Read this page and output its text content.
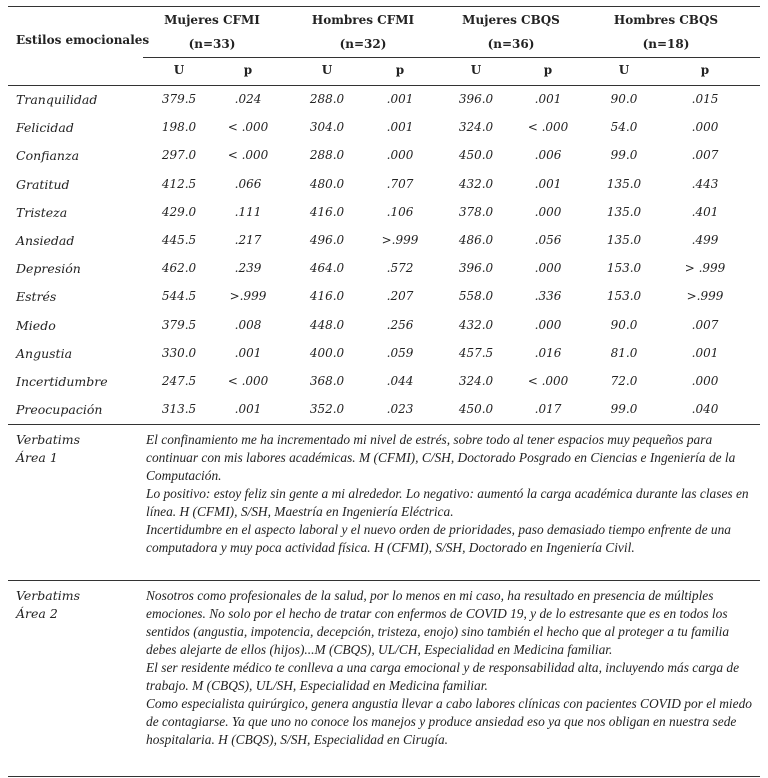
Estilos emocionales
Mujeres CFMI
(n=33)
Hombres CFMI
(n=32)
Mujeres CBQS
(n=36)
Hombres CBQS
(n=18)
U	p	U	p	U	p	U	p
Tranquilidad	379.5	.024	288.0	.001	396.0	.001	90.0	.015
Felicidad	198.0	< .000	304.0	.001	324.0	< .000	54.0	.000
Confianza	297.0	< .000	288.0	.000	450.0	.006	99.0	.007
Gratitud	412.5	.066	480.0	.707	432.0	.001	135.0	.443
Tristeza	429.0	.111	416.0	.106	378.0	.000	135.0	.401
Ansiedad	445.5	.217	496.0	>.999	486.0	.056	135.0	.499
Depresión	462.0	.239	464.0	.572	396.0	.000	153.0	> .999
Estrés	544.5	>.999	416.0	.207	558.0	.336	153.0	>.999
Miedo	379.5	.008	448.0	.256	432.0	.000	90.0	.007
Angustia	330.0	.001	400.0	.059	457.5	.016	81.0	.001
Incertidumbre	247.5	< .000	368.0	.044	324.0	< .000	72.0	.000
Preocupación	313.5	.001	352.0	.023	450.0	.017	99.0	.040
Verbatims
Área 1

El confinamiento me ha incrementado mi nivel de estrés, sobre todo al tener espacios muy pequeños para continuar con mis labores académicas. M (CFMI), C/SH, Doctorado Posgrado en Ciencias e Ingeniería de la Computación.

Lo positivo: estoy feliz sin gente a mi alrededor. Lo negativo: aumentó la carga académica durante las clases en línea. H (CFMI), S/SH, Maestría en Ingeniería Eléctrica.

Incertidumbre en el aspecto laboral y el nuevo orden de prioridades, paso demasiado tiempo enfrente de una computadora y muy poca actividad física. H (CFMI), S/SH, Doctorado en Ingeniería Civil.

Verbatims
Área 2

Nosotros como profesionales de la salud, por lo menos en mi caso, ha resultado en presencia de múltiples emociones. No solo por el hecho de tratar con enfermos de COVID 19, y de lo estresante que es en todos los sentidos (angustia, impotencia, decepción, tristeza, enojo) sino también el hecho que al proteger a tu familia debes alejarte de ellos (hijos)...M (CBQS), UL/CH, Especialidad en Medicina familiar.

El ser residente médico te conlleva a una carga emocional y de responsabilidad alta, incluyendo más carga de trabajo. M (CBQS), UL/SH, Especialidad en Medicina familiar.

Como especialista quirúrgico, genera angustia llevar a cabo labores clínicas con pacientes COVID por el miedo de contagiarse. Ya que uno no conoce los manejos y produce ansiedad eso ya que nos obligan en nuestra sede hospitalaria. H (CBQS), S/SH, Especialidad en Cirugía.
